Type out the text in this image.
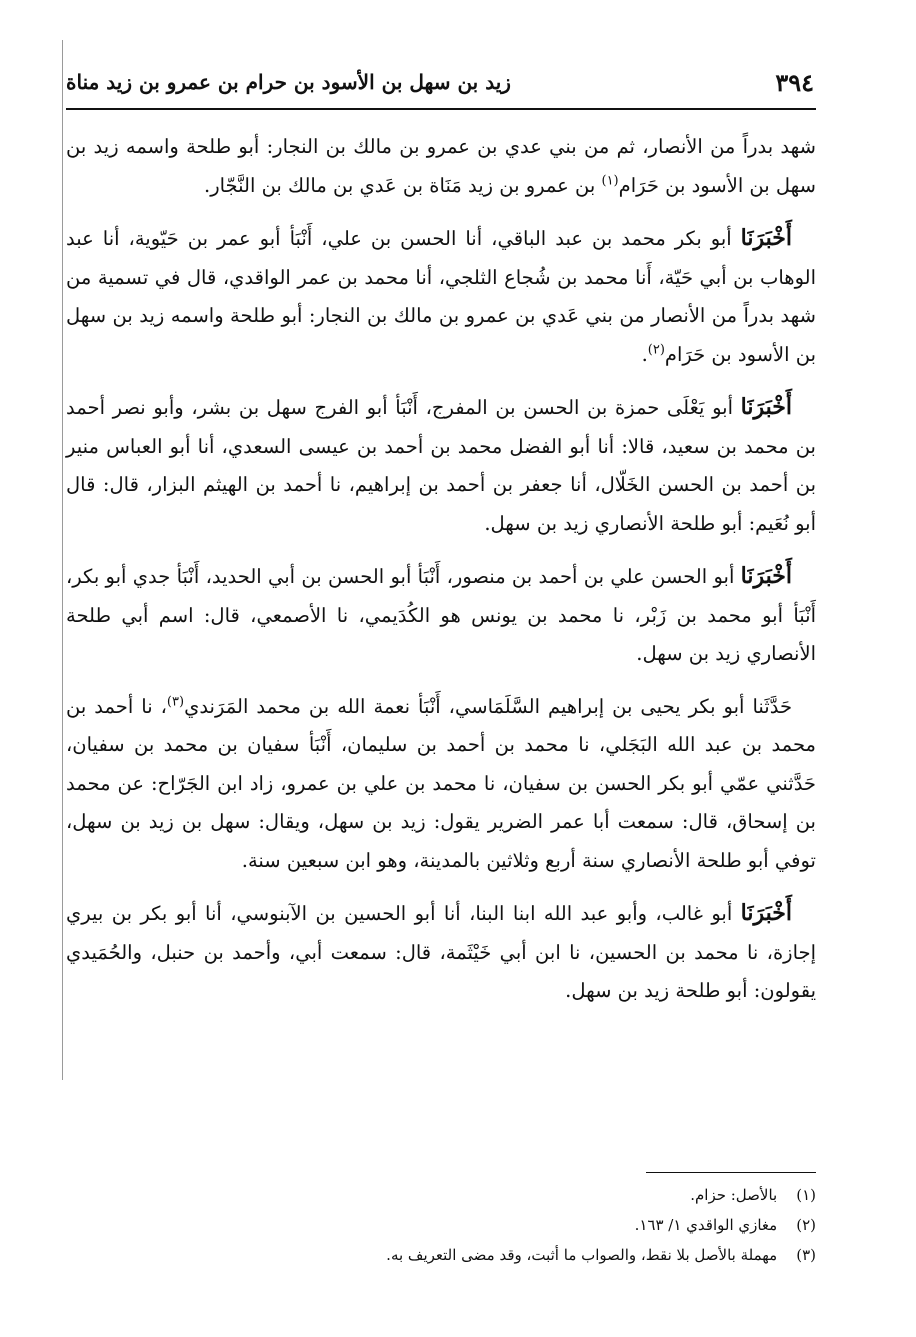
٣٩٤
زيد بن سهل بن الأسود بن حرام بن عمرو بن زيد مناة

شهد بدراً من الأنصار، ثم من بني عدي بن عمرو بن مالك بن النجار: أبو طلحة واسمه زيد بن سهل بن الأسود بن حَرَام$^{(١)}$ بن عمرو بن زيد مَنَاة بن عَدي بن مالك بن النَّجّار.

أَخْبَرَنَا أبو بكر محمد بن عبد الباقي، أنا الحسن بن علي، أَنْبَأ أبو عمر بن حَيّوية، أنا عبد الوهاب بن أبي حَيّة، أَنا محمد بن شُجاع الثلجي، أنا محمد بن عمر الواقدي، قال في تسمية من شهد بدراً من الأنصار من بني عَدي بن عمرو بن مالك بن النجار: أبو طلحة واسمه زيد بن سهل بن الأسود بن حَرَام$^{(٢)}$.

أَخْبَرَنَا أبو يَعْلَى حمزة بن الحسن بن المفرج، أَنْبَأ أبو الفرج سهل بن بشر، وأبو نصر أحمد بن محمد بن سعيد، قالا: أنا أبو الفضل محمد بن أحمد بن عيسى السعدي، أنا أبو العباس منير بن أحمد بن الحسن الخَلّال، أنا جعفر بن أحمد بن إبراهيم، نا أحمد بن الهيثم البزار، قال: قال أبو نُعَيم: أبو طلحة الأنصاري زيد بن سهل.

أَخْبَرَنَا أبو الحسن علي بن أحمد بن منصور، أَنْبَأ أبو الحسن بن أبي الحديد، أَنْبَأ جدي أبو بكر، أَنْبَأ أبو محمد بن زَبْر، نا محمد بن يونس هو الكُدَيمي، نا الأصمعي، قال: اسم أبي طلحة الأنصاري زيد بن سهل.

حَدَّثَنا أبو بكر يحيى بن إبراهيم السَّلَمَاسي، أَنْبَأ نعمة الله بن محمد المَرَندي$^{(٣)}$، نا أحمد بن محمد بن عبد الله البَجَلي، نا محمد بن أحمد بن سليمان، أَنْبَأ سفيان بن محمد بن سفيان، حَدَّثني عمّي أبو بكر الحسن بن سفيان، نا محمد بن علي بن عمرو، زاد ابن الجَرّاح: عن محمد بن إسحاق، قال: سمعت أبا عمر الضرير يقول: زيد بن سهل، ويقال: سهل بن زيد بن سهل، توفي أبو طلحة الأنصاري سنة أربع وثلاثين بالمدينة، وهو ابن سبعين سنة.

أَخْبَرَنَا أبو غالب، وأبو عبد الله ابنا البنا، أنا أبو الحسين بن الآبنوسي، أنا أبو بكر بن بيري إجازة، نا محمد بن الحسين، نا ابن أبي خَيْثَمة، قال: سمعت أبي، وأحمد بن حنبل، والحُمَيدي يقولون: أبو طلحة زيد بن سهل.

(١) بالأصل: حزام.
(٢) مغازي الواقدي ١/ ١٦٣.
(٣) مهملة بالأصل بلا نقط، والصواب ما أثبت، وقد مضى التعريف به.
